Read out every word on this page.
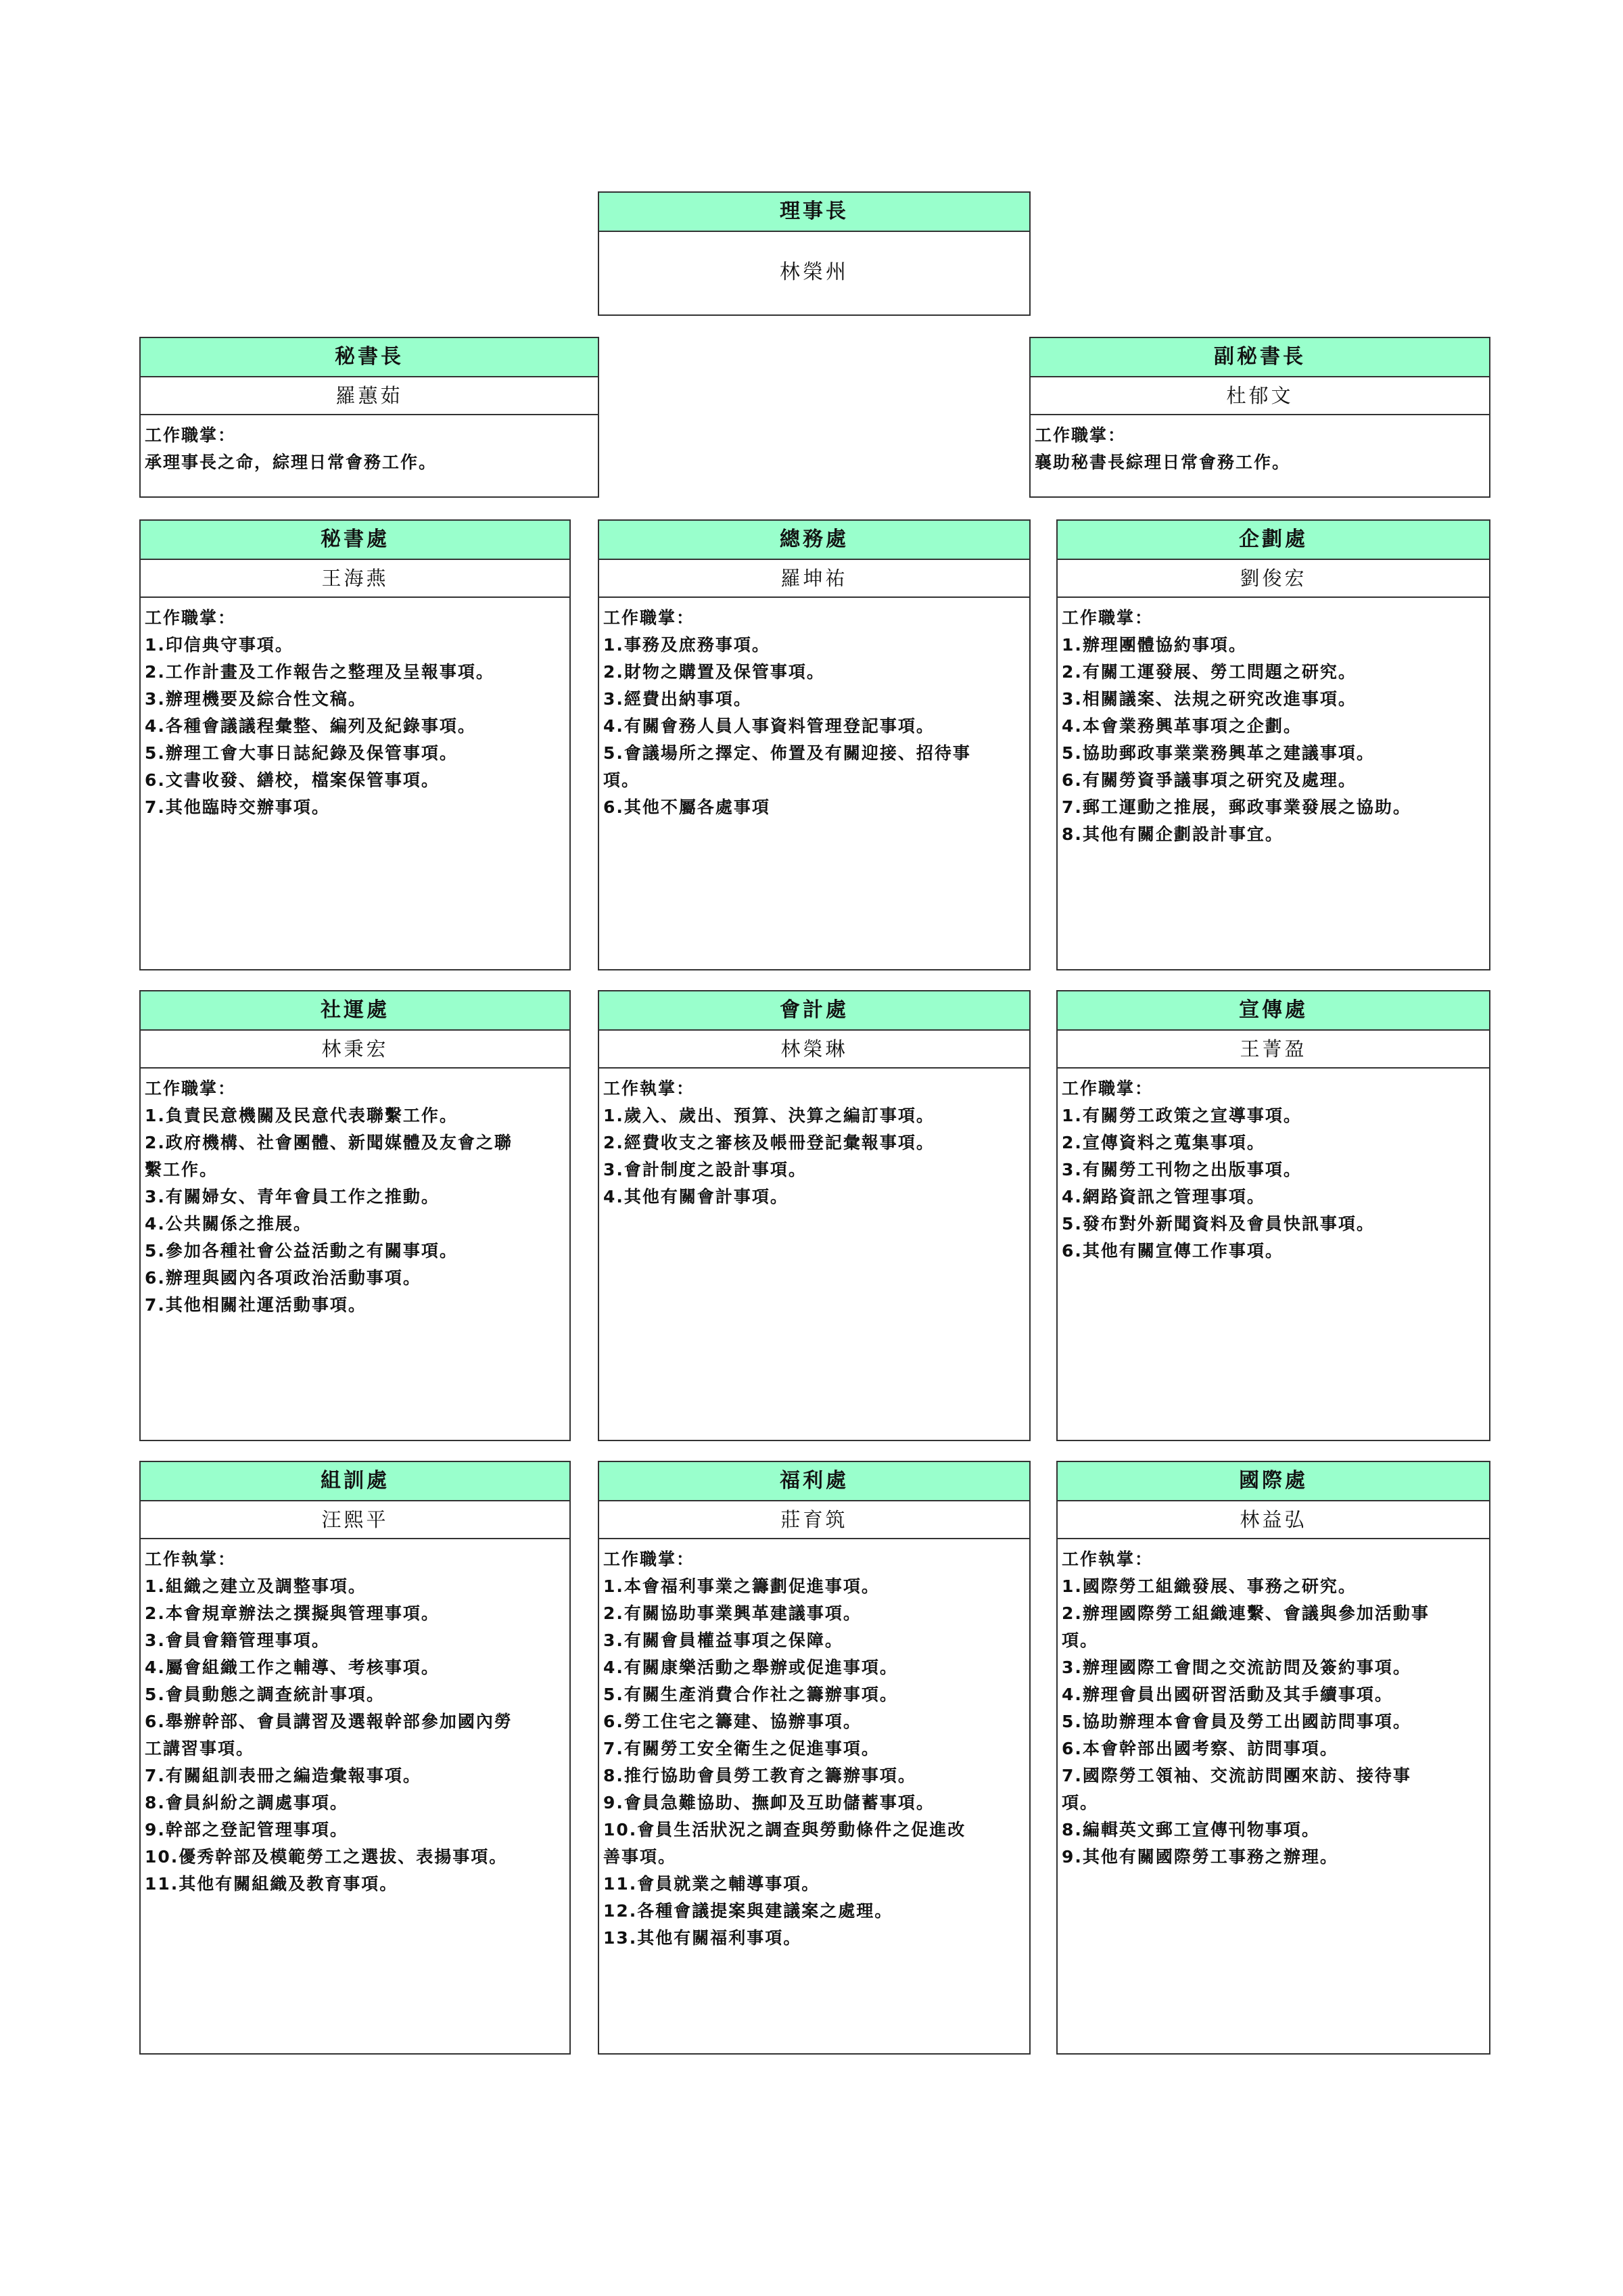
理事長
林榮州
秘書長
羅蕙茹
工作職掌：
承理事長之命，綜理日常會務工作。
副秘書長
杜郁文
工作職掌：
襄助秘書長綜理日常會務工作。
秘書處
王海燕
工作職掌：
1.印信典守事項。
2.工作計畫及工作報告之整理及呈報事項。
3.辦理機要及綜合性文稿。
4.各種會議議程彙整、編列及紀錄事項。
5.辦理工會大事日誌紀錄及保管事項。
6.文書收發、繕校，檔案保管事項。
7.其他臨時交辦事項。
總務處
羅坤祐
工作職掌：
1.事務及庶務事項。
2.財物之購置及保管事項。
3.經費出納事項。
4.有關會務人員人事資料管理登記事項。
5.會議場所之擇定、佈置及有關迎接、招待事
項。
6.其他不屬各處事項
企劃處
劉俊宏
工作職掌：
1.辦理團體協約事項。
2.有關工運發展、勞工問題之研究。
3.相關議案、法規之研究改進事項。
4.本會業務興革事項之企劃。
5.協助郵政事業業務興革之建議事項。
6.有關勞資爭議事項之研究及處理。
7.郵工運動之推展，郵政事業發展之協助。
8.其他有關企劃設計事宜。
社運處
林秉宏
工作職掌：
1.負責民意機關及民意代表聯繫工作。
2.政府機構、社會團體、新聞媒體及友會之聯
繫工作。
3.有關婦女、青年會員工作之推動。
4.公共關係之推展。
5.參加各種社會公益活動之有關事項。
6.辦理與國內各項政治活動事項。
7.其他相關社運活動事項。
會計處
林榮琳
工作執掌：
1.歲入、歲出、預算、決算之編訂事項。
2.經費收支之審核及帳冊登記彙報事項。
3.會計制度之設計事項。
4.其他有關會計事項。
宣傳處
王菁盈
工作職掌：
1.有關勞工政策之宣導事項。
2.宣傳資料之蒐集事項。
3.有關勞工刊物之出版事項。
4.網路資訊之管理事項。
5.發布對外新聞資料及會員快訊事項。
6.其他有關宣傳工作事項。
組訓處
汪熙平
工作執掌：
1.組織之建立及調整事項。
2.本會規章辦法之撰擬與管理事項。
3.會員會籍管理事項。
4.屬會組織工作之輔導、考核事項。
5.會員動態之調查統計事項。
6.舉辦幹部、會員講習及選報幹部參加國內勞
工講習事項。
7.有關組訓表冊之編造彙報事項。
8.會員糾紛之調處事項。
9.幹部之登記管理事項。
10.優秀幹部及模範勞工之選拔、表揚事項。
11.其他有關組織及教育事項。
福利處
莊育筑
工作職掌：
1.本會福利事業之籌劃促進事項。
2.有關協助事業興革建議事項。
3.有關會員權益事項之保障。
4.有關康樂活動之舉辦或促進事項。
5.有關生產消費合作社之籌辦事項。
6.勞工住宅之籌建、協辦事項。
7.有關勞工安全衛生之促進事項。
8.推行協助會員勞工教育之籌辦事項。
9.會員急難協助、撫卹及互助儲蓄事項。
10.會員生活狀況之調查與勞動條件之促進改
善事項。
11.會員就業之輔導事項。
12.各種會議提案與建議案之處理。
13.其他有關福利事項。
國際處
林益弘
工作執掌：
1.國際勞工組織發展、事務之研究。
2.辦理國際勞工組織連繫、會議與參加活動事
項。
3.辦理國際工會間之交流訪問及簽約事項。
4.辦理會員出國研習活動及其手續事項。
5.協助辦理本會會員及勞工出國訪問事項。
6.本會幹部出國考察、訪問事項。
7.國際勞工領袖、交流訪問團來訪、接待事
項。
8.編輯英文郵工宣傳刊物事項。
9.其他有關國際勞工事務之辦理。
